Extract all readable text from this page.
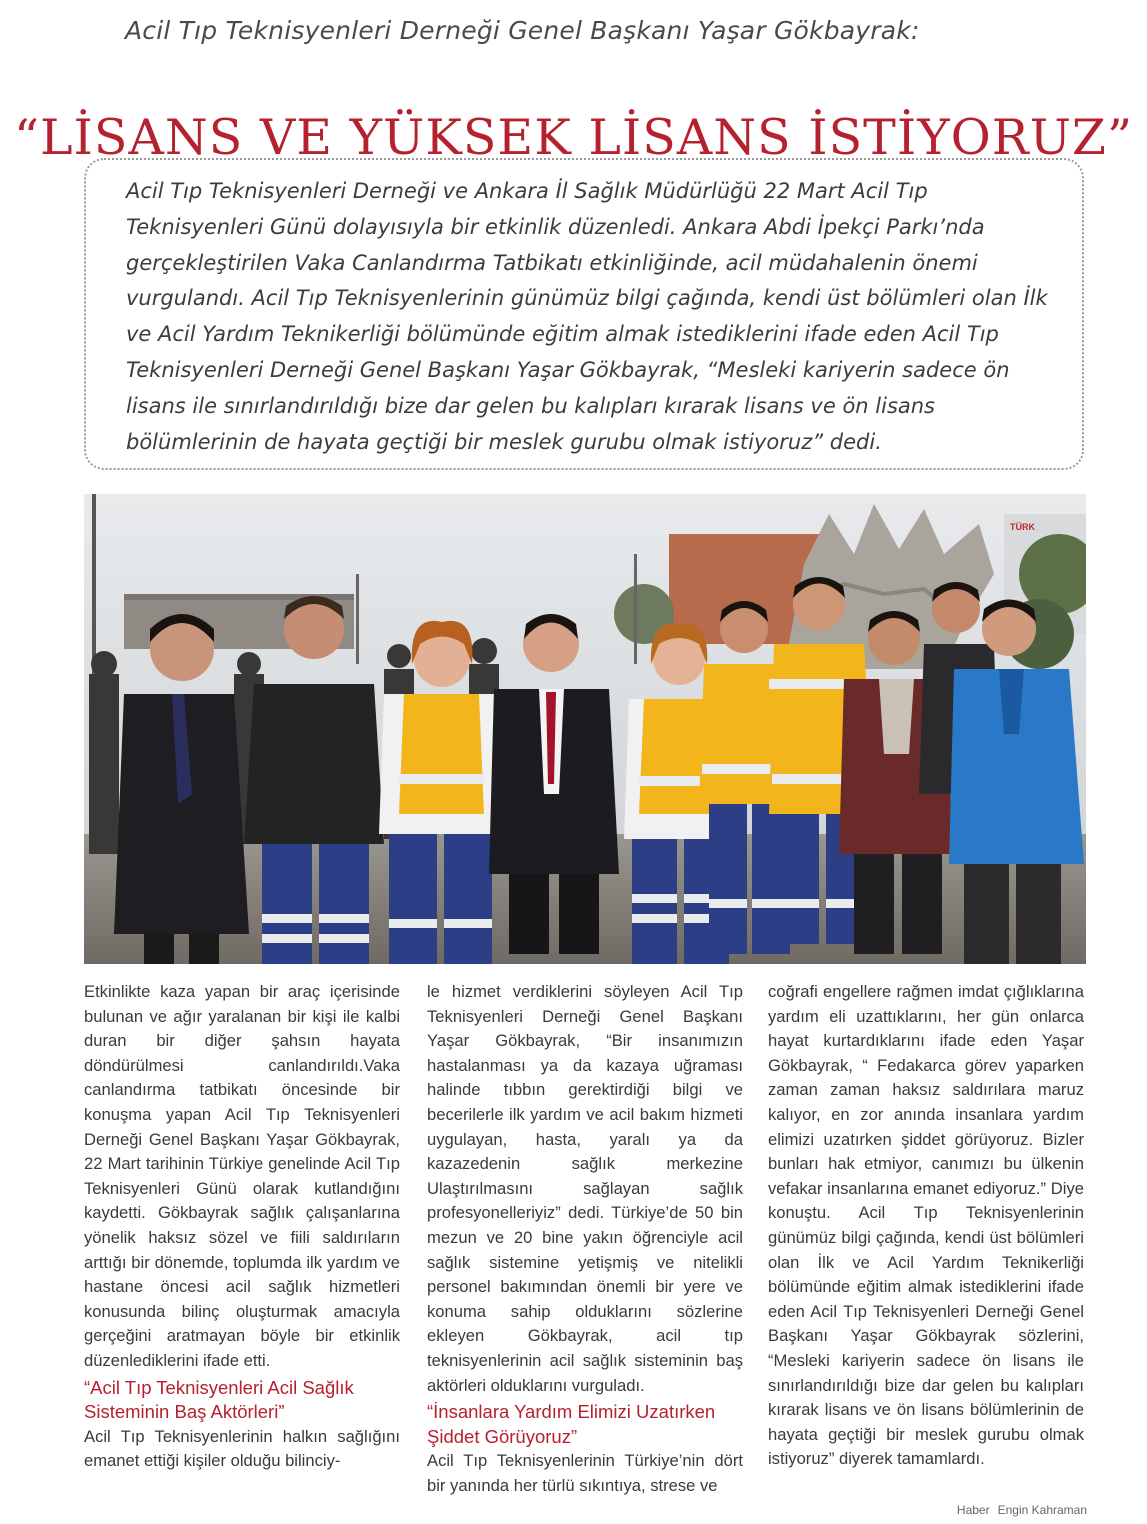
Acil Tıp Teknisyenleri Derneği Genel Başkanı Yaşar Gökbayrak:
“LİSANS VE YÜKSEK LİSANS İSTİYORUZ”

Acil Tıp Teknisyenleri Derneği ve Ankara İl Sağlık Müdürlüğü 22 Mart Acil Tıp Teknisyenleri Günü dolayısıyla bir etkinlik düzenledi. Ankara Abdi İpekçi Parkı’nda gerçekleştirilen Vaka Canlandırma Tatbikatı etkinliğinde, acil müdahalenin önemi vurgulandı. Acil Tıp Teknisyenlerinin günümüz bilgi çağında, kendi üst bölümleri olan İlk ve Acil Yardım Teknikerliği bölümünde eğitim almak istediklerini ifade eden Acil Tıp Teknisyenleri Derneği Genel Başkanı Yaşar Gökbayrak, “Mesleki kariyerin sadece ön lisans ile sınırlandırıldığı bize dar gelen bu kalıpları kırarak lisans ve ön lisans bölümlerinin de hayata geçtiği bir meslek gurubu olmak istiyoruz” dedi.

TÜRK

Etkinlikte kaza yapan bir araç içerisinde bulunan ve ağır yaralanan bir kişi ile kalbi duran bir diğer şahsın hayata döndürülmesi canlandırıldı.Vaka canlandırma tatbikatı öncesinde bir konuşma yapan Acil Tıp Teknisyenleri Derneği Genel Başkanı Yaşar Gökbayrak, 22 Mart tarihinin Türkiye genelinde Acil Tıp Teknisyenleri Günü olarak kutlandığını kaydetti. Gökbayrak sağlık çalışanlarına yönelik haksız sözel ve fiili saldırıların arttığı bir dönemde, toplumda ilk yardım ve hastane öncesi acil sağlık hizmetleri konusunda bilinç oluşturmak amacıyla gerçeğini aratmayan böyle bir etkinlik düzenlediklerini ifade etti.

“Acil Tıp Teknisyenleri Acil Sağlık Sisteminin Baş Aktörleri”

Acil Tıp Teknisyenlerinin halkın sağlığını emanet ettiği kişiler olduğu bilinciy-

le hizmet verdiklerini söyleyen Acil Tıp Teknisyenleri Derneği Genel Başkanı Yaşar Gökbayrak, “Bir insanımızın hastalanması ya da kazaya uğraması halinde tıbbın gerektirdiği bilgi ve becerilerle ilk yardım ve acil bakım hizmeti uygulayan, hasta, yaralı ya da kazazedenin sağlık merkezine Ulaştırılmasını sağlayan sağlık profesyonelleriyiz” dedi. Türkiye’de 50 bin mezun ve 20 bine yakın öğrenciyle acil sağlık sistemine yetişmiş ve nitelikli personel bakımından önemli bir yere ve konuma sahip olduklarını sözlerine ekleyen Gökbayrak, acil tıp teknisyenlerinin acil sağlık sisteminin baş aktörleri olduklarını vurguladı.

“İnsanlara Yardım Elimizi Uzatırken Şiddet Görüyoruz”

Acil Tıp Teknisyenlerinin Türkiye’nin dört bir yanında her türlü sıkıntıya, strese ve

coğrafi engellere rağmen imdat çığlıklarına yardım eli uzattıklarını, her gün onlarca hayat kurtardıklarını ifade eden Yaşar Gökbayrak, “ Fedakarca görev yaparken zaman zaman haksız saldırılara maruz kalıyor, en zor anında insanlara yardım elimizi uzatırken şiddet görüyoruz. Bizler bunları hak etmiyor, canımızı bu ülkenin vefakar insanlarına emanet ediyoruz.” Diye konuştu. Acil Tıp Teknisyenlerinin günümüz bilgi çağında, kendi üst bölümleri olan İlk ve Acil Yardım Teknikerliği bölümünde eğitim almak istediklerini ifade eden Acil Tıp Teknisyenleri Derneği Genel Başkanı Yaşar Gökbayrak sözlerini, “Mesleki kariyerin sadece ön lisans ile sınırlandırıldığı bize dar gelen bu kalıpları kırarak lisans ve ön lisans bölümlerinin de hayata geçtiği bir meslek gurubu olmak istiyoruz” diyerek tamamlardı.

Haber Engin Kahraman
